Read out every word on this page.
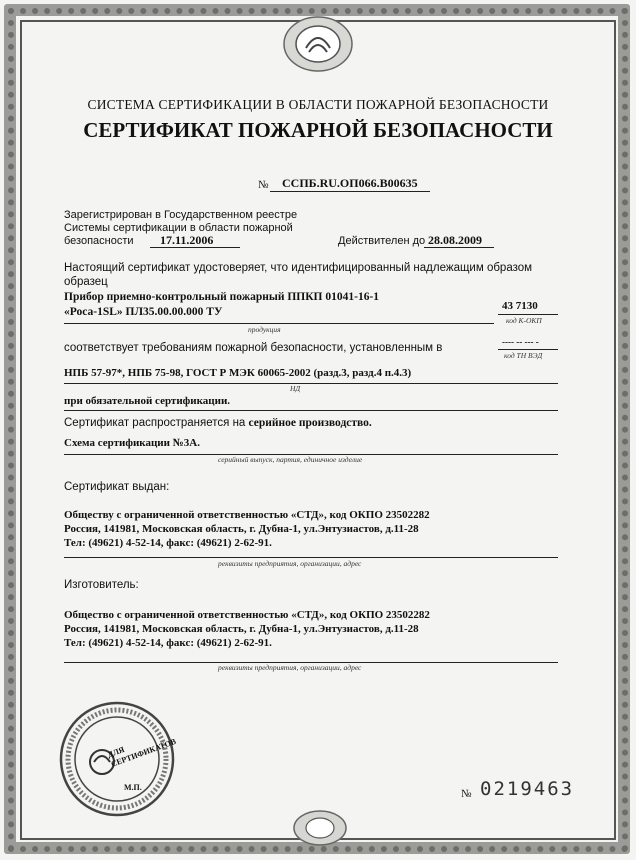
СИСТЕМА СЕРТИФИКАЦИИ В ОБЛАСТИ ПОЖАРНОЙ БЕЗОПАСНОСТИ
СЕРТИФИКАТ ПОЖАРНОЙ БЕЗОПАСНОСТИ
№ ССПБ.RU.ОП066.В00635
Зарегистрирован в Государственном реестре
Системы сертификации в области пожарной
безопасности 17.11.2006	Действителен до 28.08.2009
Настоящий сертификат удостоверяет, что идентифицированный надлежащим образом
образец
Прибор приемно-контрольный пожарный ППКП 01041-16-1
«Роса-1SL» ПЛ35.00.00.000 ТУ
продукция
43 7130
код К-ОКП
соответствует требованиям пожарной безопасности, установленным в	---- -- --- -
код ТН ВЭД
НПБ 57-97*, НПБ 75-98, ГОСТ Р МЭК 60065-2002 (разд.3, разд.4 п.4.3)
НД
при обязательной сертификации.
Сертификат распространяется на серийное производство.
Схема сертификации №3А.
серийный выпуск, партия, единичное изделие
Сертификат выдан:
Обществу с ограниченной ответственностью «СТД», код ОКПО 23502282
Россия, 141981, Московская область, г. Дубна-1, ул.Энтузиастов, д.11-28
Тел: (49621) 4-52-14, факс: (49621) 2-62-91.
реквизиты предприятия, организации, адрес
Изготовитель:
Общество с ограниченной ответственностью «СТД», код ОКПО 23502282
Россия, 141981, Московская область, г. Дубна-1, ул.Энтузиастов, д.11-28
Тел: (49621) 4-52-14, факс: (49621) 2-62-91.
реквизиты предприятия, организации, адрес
ДЛЯ СЕРТИФИКАТОВ
М.П.
№ 0219463
